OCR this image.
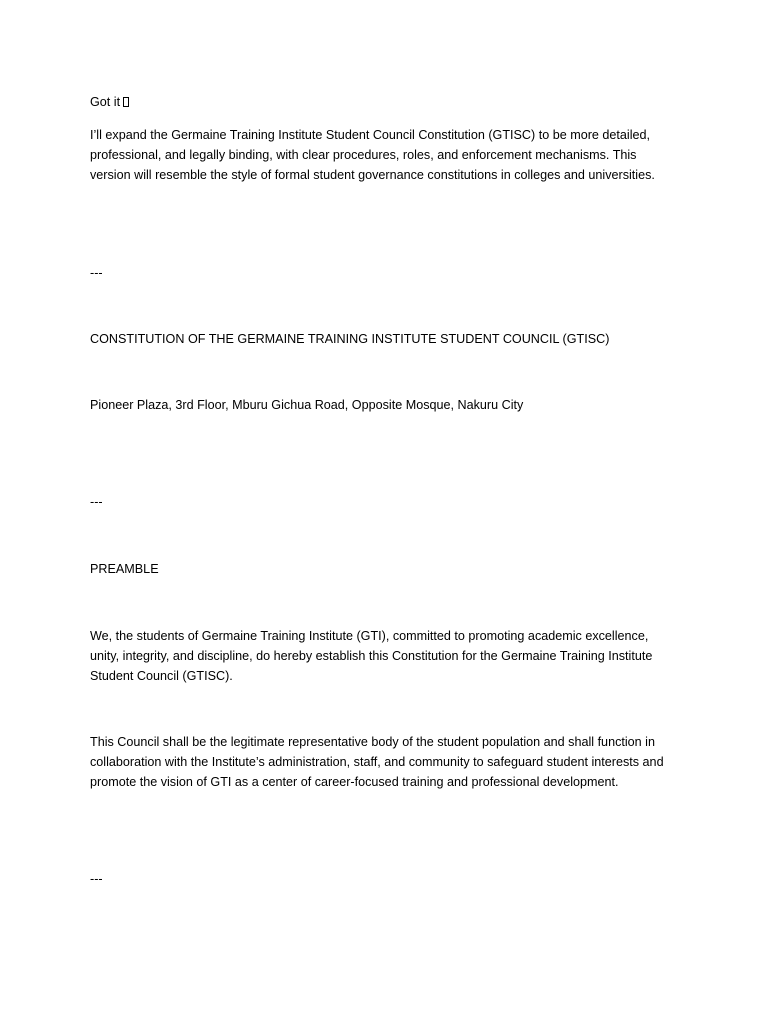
Got it

I’ll expand the Germaine Training Institute Student Council Constitution (GTISC) to be more detailed, professional, and legally binding, with clear procedures, roles, and enforcement mechanisms. This version will resemble the style of formal student governance constitutions in colleges and universities.

---

CONSTITUTION OF THE GERMAINE TRAINING INSTITUTE STUDENT COUNCIL (GTISC)

Pioneer Plaza, 3rd Floor, Mburu Gichua Road, Opposite Mosque, Nakuru City

---

PREAMBLE

We, the students of Germaine Training Institute (GTI), committed to promoting academic excellence, unity, integrity, and discipline, do hereby establish this Constitution for the Germaine Training Institute Student Council (GTISC).

This Council shall be the legitimate representative body of the student population and shall function in collaboration with the Institute’s administration, staff, and community to safeguard student interests and promote the vision of GTI as a center of career-focused training and professional development.

---
